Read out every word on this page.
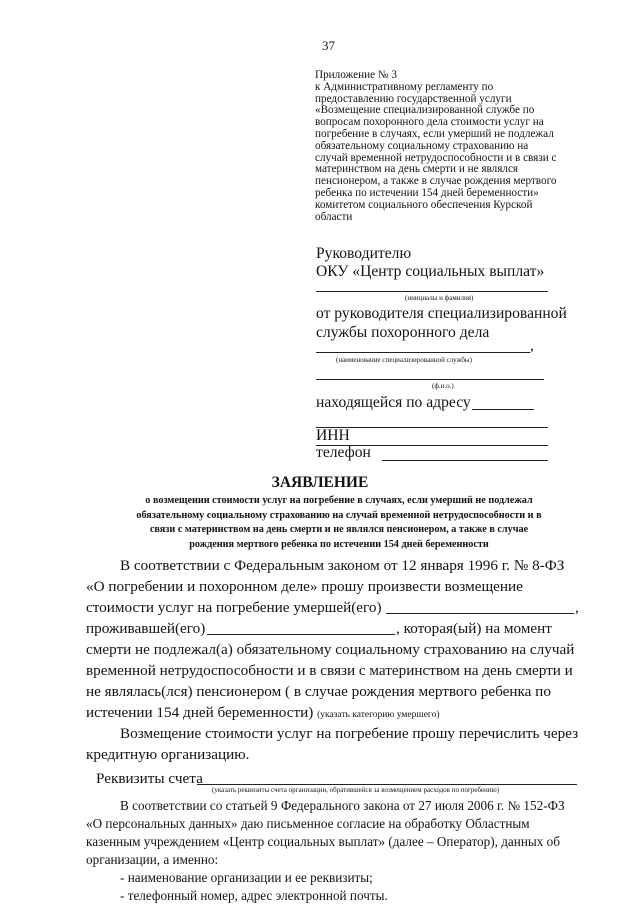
37
Приложение № 3
к Административному регламенту по
предоставлению государственной услуги
«Возмещение специализированной службе по
вопросам похоронного дела стоимости услуг на
погребение в случаях, если умерший не подлежал
обязательному социальному страхованию на
случай временной нетрудоспособности и в связи с
материнством на день смерти и не являлся
пенсионером, а также в случае рождения мертвого
ребенка по истечении 154 дней беременности»
комитетом социального обеспечения Курской
области
Руководителю
ОКУ «Центр социальных выплат»
(инициалы и фамилия)
от руководителя специализированной
службы похоронного дела
,
(наименование специализированной службы)
(ф.и.о.)
находящейся по адресу
ИНН
телефон
ЗАЯВЛЕНИЕ
о возмещении стоимости услуг на погребение в случаях, если умерший не подлежал
обязательному социальному страхованию на случай временной нетрудоспособности и в
связи с материнством на день смерти и не являлся пенсионером, а также в случае
рождения мертвого ребенка по истечении 154 дней беременности
В соответствии с Федеральным законом от 12 января 1996 г. № 8-ФЗ
«О погребении и похоронном деле» прошу произвести возмещение
стоимости услуг на погребение умершей(его)	,
проживавшей(его)	, которая(ый) на момент
смерти не подлежал(а) обязательному социальному страхованию на случай
временной нетрудоспособности и в связи с материнством на день смерти и
не являлась(лся) пенсионером ( в случае рождения мертвого ребенка по
истечении 154 дней беременности) (указать категорию умершего)
Возмещение стоимости услуг на погребение прошу перечислить через
кредитную организацию.
Реквизиты счета
(указать реквизиты счета организации, обратившейся за возмещением расходов по погребению)
В соответствии со статьей 9 Федерального закона от 27 июля 2006 г. № 152-ФЗ
«О персональных данных» даю письменное согласие на обработку Областным
казенным учреждением «Центр социальных выплат» (далее – Оператор), данных об
организации, а именно:
- наименование организации и ее реквизиты;
- телефонный номер, адрес электронной почты.
